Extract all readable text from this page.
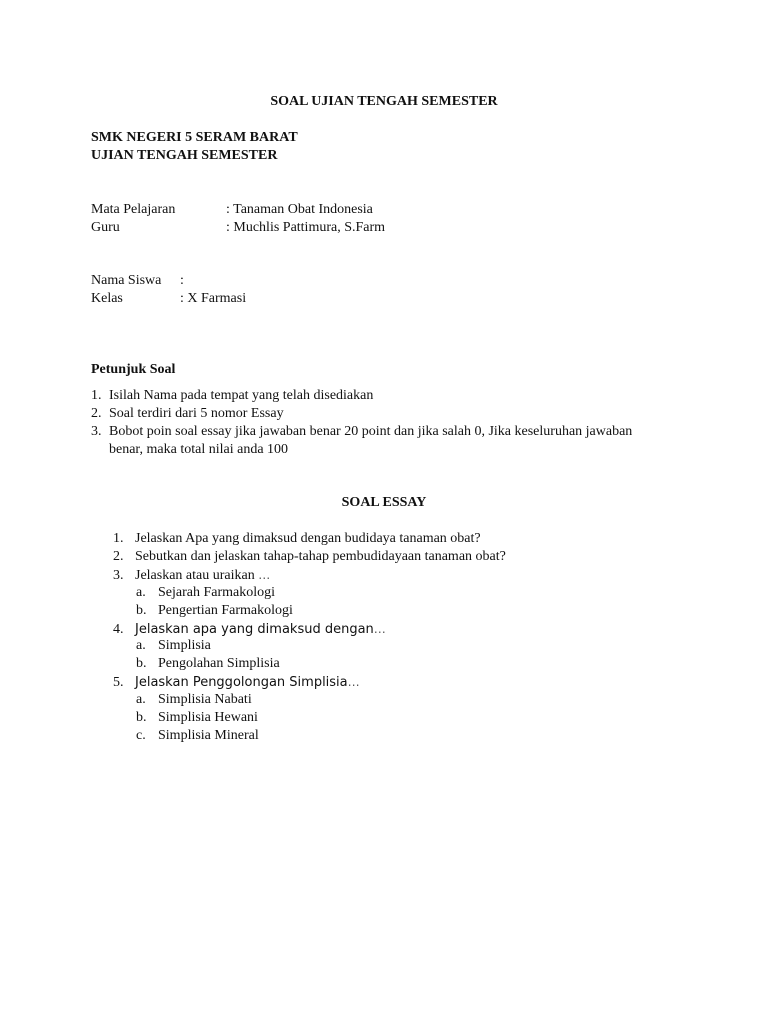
SOAL UJIAN TENGAH SEMESTER
SMK NEGERI 5 SERAM BARAT
UJIAN TENGAH SEMESTER
Mata Pelajaran	: Tanaman Obat Indonesia
Guru	: Muchlis Pattimura, S.Farm
Nama Siswa :
Kelas	: X Farmasi
Petunjuk Soal
1. Isilah Nama pada tempat yang telah disediakan
2. Soal terdiri dari 5 nomor Essay
3. Bobot poin soal essay jika jawaban benar 20 point dan jika salah 0, Jika keseluruhan jawaban
benar, maka total nilai anda 100
SOAL ESSAY
1. Jelaskan Apa yang dimaksud dengan budidaya tanaman obat?
2. Sebutkan dan jelaskan tahap-tahap pembudidayaan tanaman obat?
3. Jelaskan atau uraikan …
a. Sejarah Farmakologi
b. Pengertian Farmakologi
4. Jelaskan apa yang dimaksud dengan…
a. Simplisia
b. Pengolahan Simplisia
5. Jelaskan Penggolongan Simplisia…
a. Simplisia Nabati
b. Simplisia Hewani
c. Simplisia Mineral
